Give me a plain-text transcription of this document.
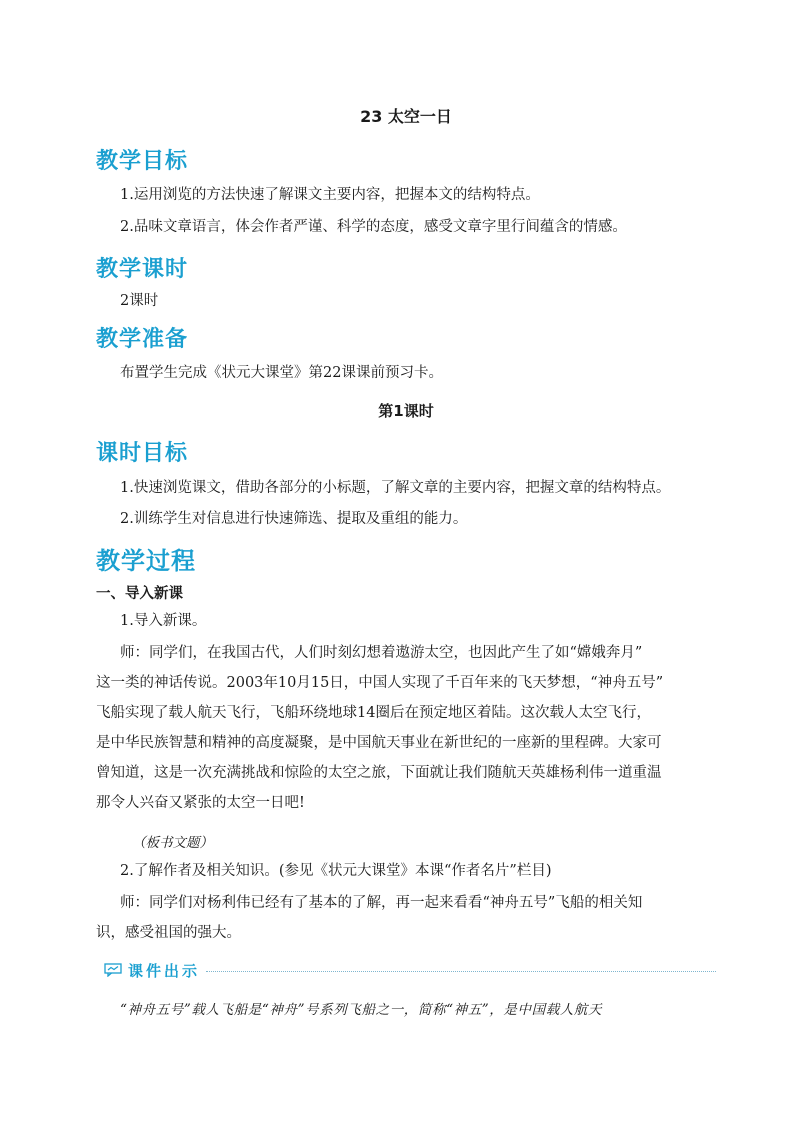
23 太空一日
教学目标
1.运用浏览的方法快速了解课文主要内容，把握本文的结构特点。
2.品味文章语言，体会作者严谨、科学的态度，感受文章字里行间蕴含的情感。
教学课时
2课时
教学准备
布置学生完成《状元大课堂》第22课课前预习卡。
第1课时
课时目标
1.快速浏览课文，借助各部分的小标题，了解文章的主要内容，把握文章的结构特点。
2.训练学生对信息进行快速筛选、提取及重组的能力。
教学过程
一、导入新课
1.导入新课。
师：同学们，在我国古代，人们时刻幻想着遨游太空，也因此产生了如“嫦娥奔月”
这一类的神话传说。2003年10月15日，中国人实现了千百年来的飞天梦想，“神舟五号”
飞船实现了载人航天飞行，飞船环绕地球14圈后在预定地区着陆。这次载人太空飞行，
是中华民族智慧和精神的高度凝聚，是中国航天事业在新世纪的一座新的里程碑。大家可
曾知道，这是一次充满挑战和惊险的太空之旅，下面就让我们随航天英雄杨利伟一道重温
那令人兴奋又紧张的太空一日吧!
（板书文题）
2.了解作者及相关知识。(参见《状元大课堂》本课“作者名片”栏目)
师：同学们对杨利伟已经有了基本的了解，再一起来看看“神舟五号”飞船的相关知
识，感受祖国的强大。
课件出示
“神舟五号”载人飞船是“神舟”号系列飞船之一，简称“神五”，是中国载人航天
